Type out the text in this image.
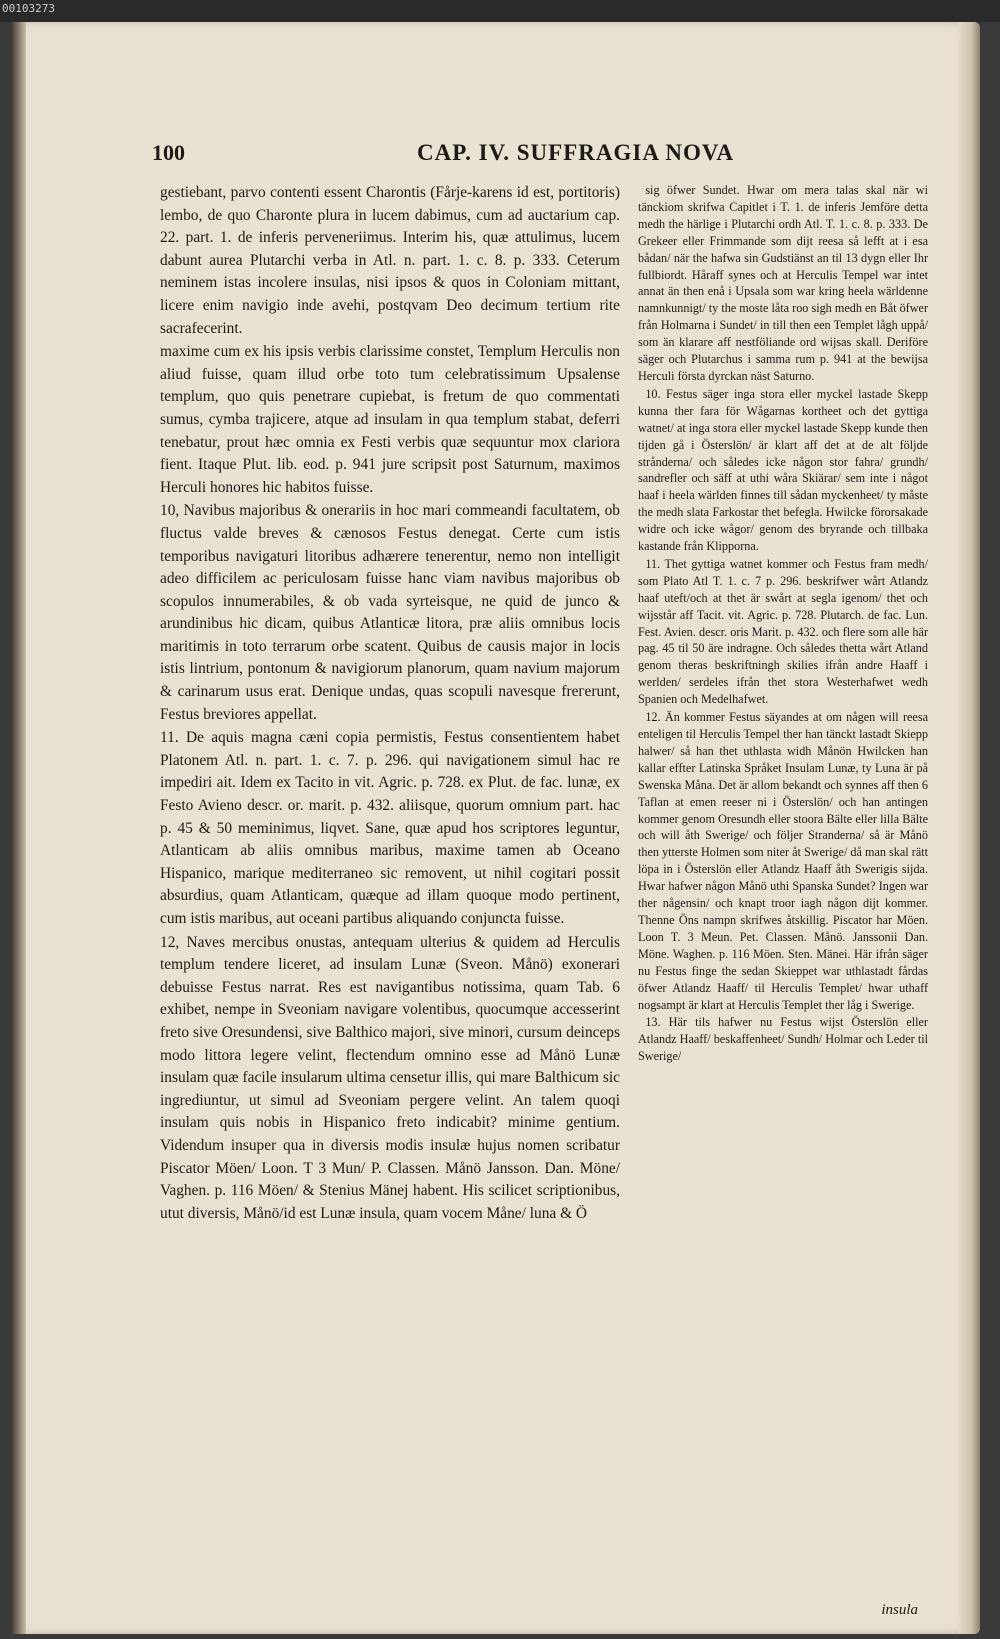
00103273
100	CAP. IV. SUFFRAGIA NOVA

gestiebant, parvo contenti essent Charontis (Fårje-karens id est, portitoris) lembo, de quo Charonte plura in lucem dabimus, cum ad auctarium cap. 22. part. 1. de inferis perveneriimus. Interim his, quæ attulimus, lucem dabunt aurea Plutarchi verba in Atl. n. part. 1. c. 8. p. 333. Ceterum neminem istas incolere insulas, nisi ipsos & quos in Coloniam mittant, licere enim navigio inde avehi, postqvam Deo decimum tertium rite sacrafecerint.

maxime cum ex his ipsis verbis clarissime constet, Templum Herculis non aliud fuisse, quam illud orbe toto tum celebratissimum Upsalense templum, quo quis penetrare cupiebat, is fretum de quo commentati sumus, cymba trajicere, atque ad insulam in qua templum stabat, deferri tenebatur, prout hæc omnia ex Festi verbis quæ sequuntur mox clariora fient. Itaque Plut. lib. eod. p. 941 jure scripsit post Saturnum, maximos Herculi honores hic habitos fuisse.

10, Navibus majoribus & onerariis in hoc mari commeandi facultatem, ob fluctus valde breves & cænosos Festus denegat. Certe cum istis temporibus navigaturi litoribus adhærere tenerentur, nemo non intelligit adeo difficilem ac periculosam fuisse hanc viam navibus majoribus ob scopulos innumerabiles, & ob vada syrteisque, ne quid de junco & arundinibus hic dicam, quibus Atlanticæ litora, præ aliis omnibus locis maritimis in toto terrarum orbe scatent. Quibus de causis major in locis istis lintrium, pontonum & navigiorum planorum, quam navium majorum & carinarum usus erat. Denique undas, quas scopuli navesque frегеrunt, Festus breviores appellat.

11. De aquis magna cæni copia permistis, Festus consentientem habet Platonem Atl. n. part. 1. c. 7. p. 296. qui navigationem simul hac re impediri ait. Idem ex Tacito in vit. Agric. p. 728. ex Plut. de fac. lunæ, ex Festo Avieno descr. or. marit. p. 432. aliisque, quorum omnium part. hac p. 45 & 50 meminimus, liqvet. Sane, quæ apud hos scriptores leguntur, Atlanticam ab aliis omnibus maribus, maxime tamen ab Oceano Hispanico, marique mediterraneo sic removent, ut nihil cogitari possit absurdius, quam Atlanticam, quæque ad illam quoque modo pertinent, cum istis maribus, aut oceani partibus aliquando conjuncta fuisse.

12, Naves mercibus onustas, antequam ulterius & quidem ad Herculis templum tendere liceret, ad insulam Lunæ (Sveon. Månö) exonerari debuisse Festus narrat. Res est navigantibus notissima, quam Tab. 6 exhibet, nempe in Sveoniam navigare volentibus, quocumque accesserint freto sive Oresundensi, sive Balthico majori, sive minori, cursum deinceps modo littora legere velint, flectendum omnino esse ad Månö Lunæ insulam quæ facile insularum ultima censetur illis, qui mare Balthicum sic ingrediuntur, ut simul ad Sveoniam pergere velint. An talem quoqi insulam quis nobis in Hispanico freto indicabit? minime gentium. Videndum insuper qua in diversis modis insulæ hujus nomen scribatur Piscator Möen/ Loon. T 3 Mun/ P. Classen. Månö Jansson. Dan. Möne/ Vaghen. p. 116 Möen/ & Stenius Mänej habent. His scilicet scriptionibus, utut diversis, Månö/id est Lunæ insula, quam vocem Måne/ luna & Ö

sig öfwer Sundet. Hwar om mera talas skal när wi tänckiom skrifwa Capitlet i T. 1. de inferis Jemföre detta medh the härlige i Plutarchi ordh Atl. T. 1. c. 8. p. 333. De Grekeer eller Frimmande som dijt reesa så lefft at i esa bådan/ när the hafwa sin Gudstiänst an til 13 dygn eller Ihr fullbiordt. Håraff synes och at Herculis Tempel war intet annat än then enå i Upsala som war kring heela wärldenne namnkunnigt/ ty the moste låta roo sigh medh en Båt öfwer från Holmarna i Sundet/ in till then een Templet lågh uppå/ som än klarare aff nestföliande ord wijsas skall. Deriföre säger och Plutarchus i samma rum p. 941 at the bewijsa Herculi första dyrckan näst Saturno.

10. Festus säger inga stora eller myckel lastade Skepp kunna ther fara för Wågarnas kortheet och det gyttiga watnet/ at inga stora eller myckel lastade Skepp kunde then tijden gå i Österslön/ är klart aff det at de alt följde strånderna/ och således icke någon stor fahra/ grundh/ sandrefler och säff at uthi wåra Skiärar/ sem inte i något haaf i heela wärlden finnes till sådan myckenheet/ ty måste the medh slata Farkostar thet befegla. Hwilcke förorsakade widre och icke wågor/ genom des bryrande och tillbaka kastande från Klipporna.

11. Thet gyttiga watnet kommer och Festus fram medh/ som Plato Atl T. 1. c. 7 p. 296. beskrifwer wårt Atlandz haaf uteft/och at thet är swårt at segla igenom/ thet och wijsstår aff Tacit. vit. Agric. p. 728. Plutarch. de fac. Lun. Fest. Avien. descr. oris Marit. p. 432. och flere som alle här pag. 45 til 50 äre indragne. Och således thetta wårt Atland genom theras beskriftningh skilies ifrån andre Haaff i werlden/ serdeles ifrån thet stora Westerhafwet wedh Spanien och Medelhafwet.

12. Än kommer Festus säyandes at om någen will reesa enteligen til Herculis Tempel ther han tänckt lastadt Skiepp halwer/ så han thet uthlasta widh Månön Hwilcken han kallar effter Latinska Språket Insulam Lunæ, ty Luna är på Swenska Måna. Det är allom bekandt och synnes aff then 6 Taflan at emen reeser ni i Österslön/ och han antingen kommer genom Oresundh eller stoora Bälte eller lilla Bälte och will åth Swerige/ och följer Stranderna/ så är Månö then ytterste Holmen som niter åt Swerige/ då man skal rätt löpa in i Österslön eller Atlandz Haaff åth Swerigis sijda. Hwar hafwer någon Månö uthi Spanska Sundet? Ingen war ther någensin/ och knapt troor iagh någon dijt kommer. Thenne Öns nampn skrifwes åtskillig. Piscator har Möen. Loon T. 3 Meun. Pet. Classen. Månö. Janssonii Dan. Möne. Waghen. p. 116 Möen. Sten. Mänei. Här ifrån säger nu Festus finge the sedan Skieppet war uthlastadt fårdas öfwer Atlandz Haaff/ til Herculis Templet/ hwar uthaff nogsampt är klart at Herculis Templet ther låg i Swerige.

13. Här tils hafwer nu Festus wijst Österslön eller Atlandz Haaff/ beskaffenheet/ Sundh/ Holmar och Leder til Swerige/

insula
